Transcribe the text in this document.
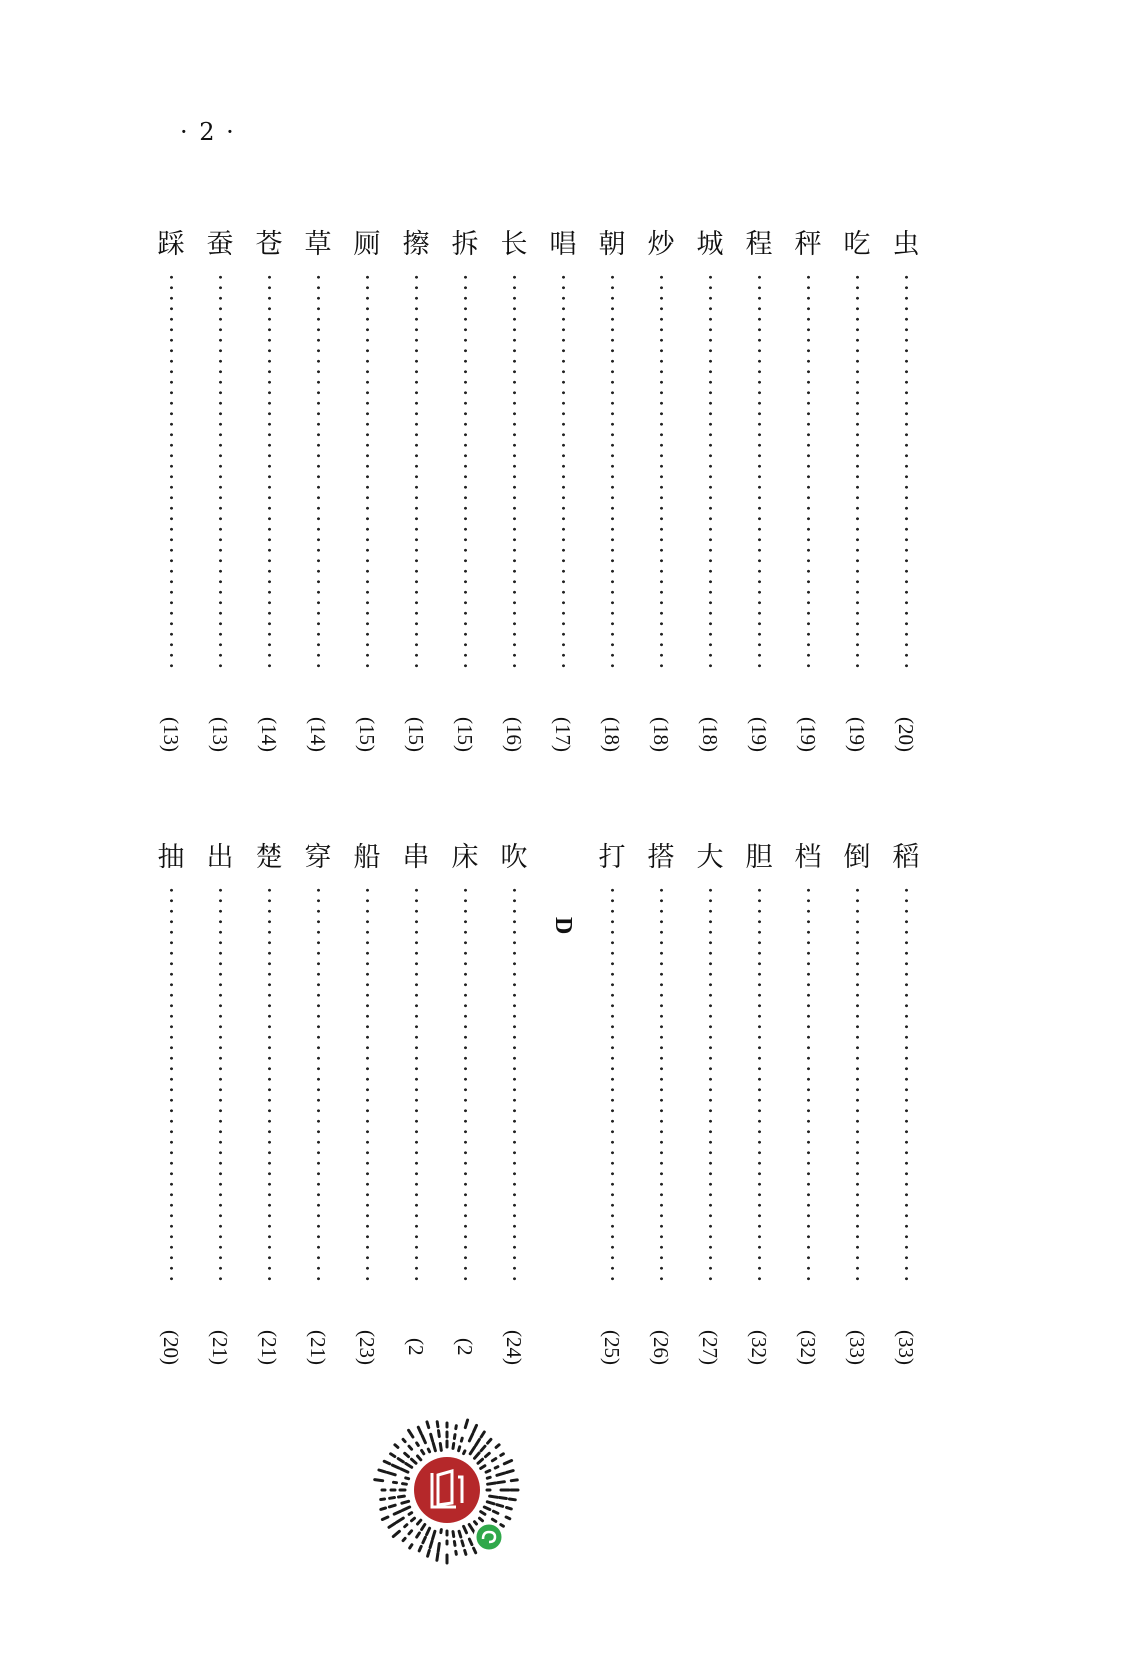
· 2 ·
踩
(13)
蚕
(13)
苍
(14)
草
(14)
厕
(15)
擦
(15)
拆
(15)
长
(16)
唱
(17)
朝
(18)
炒
(18)
城
(18)
程
(19)
秤
(19)
吃
(19)
虫
(20)
抽
(20)
出
(21)
楚
(21)
穿
(21)
船
(23)
串
(2
床
(2
吹
(24)
D
打
(25)
搭
(26)
大
(27)
胆
(32)
档
(32)
倒
(33)
稻
(33)
